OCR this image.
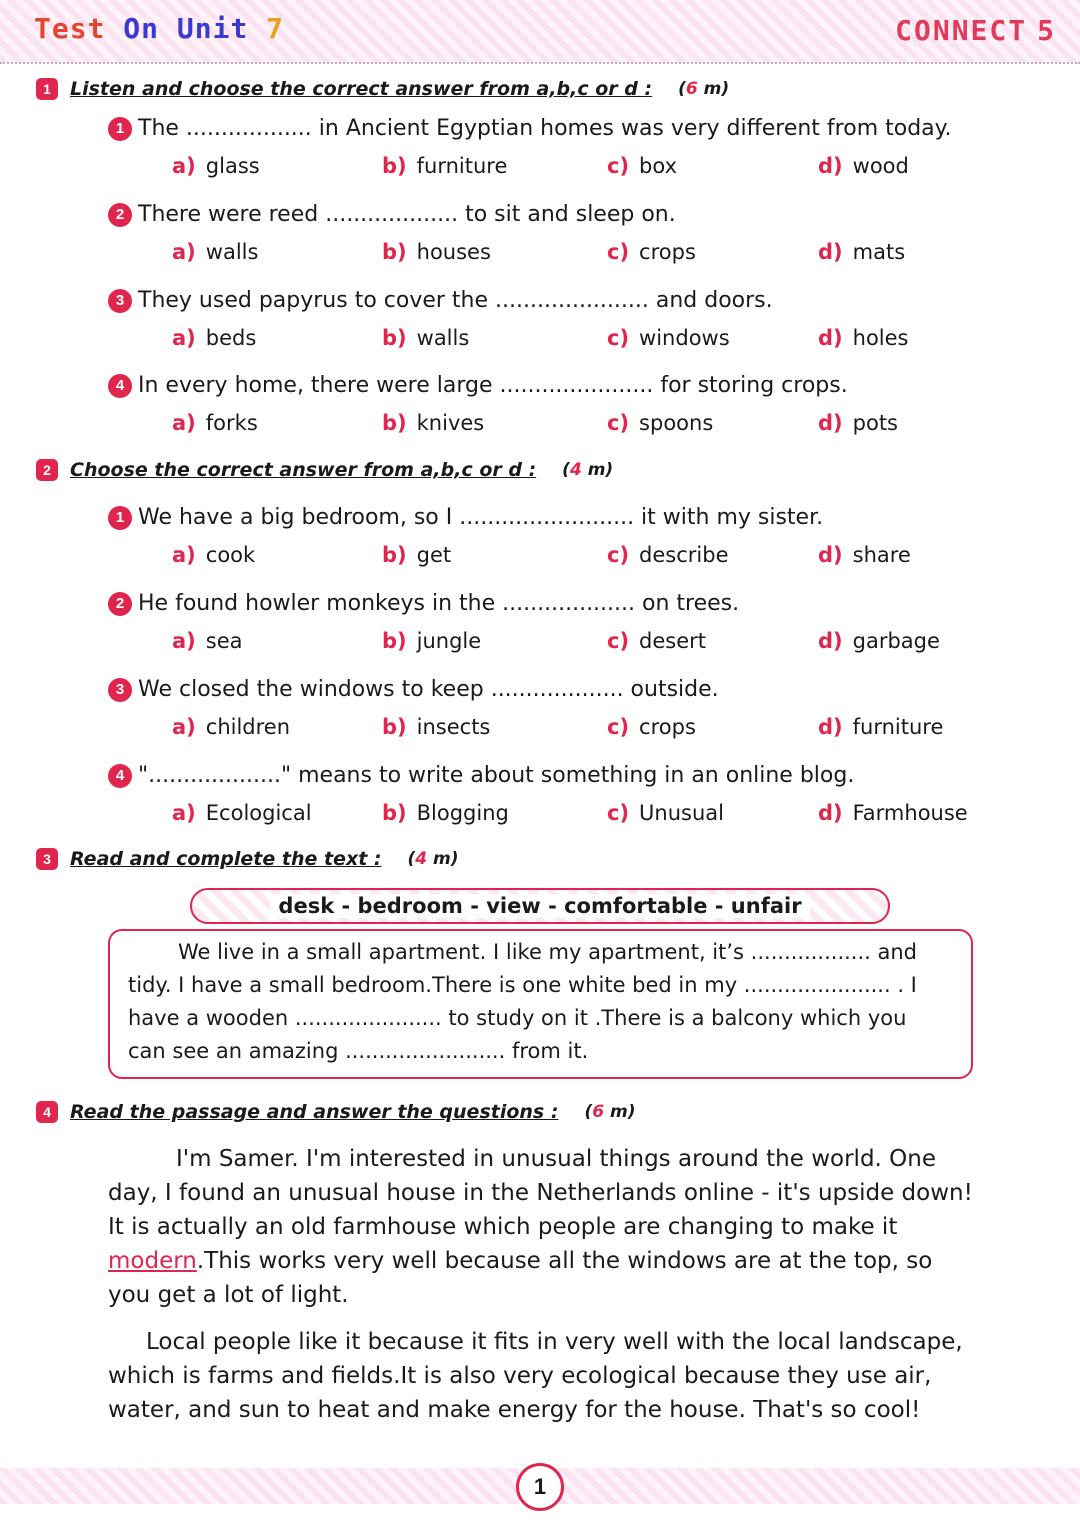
Test On Unit 7	CONNECT 5
1	Listen and choose the correct answer from a,b,c or d : (6 m)
1 The .................. in Ancient Egyptian homes was very different from today.
a) glass	b) furniture	c) box	d) wood
2 There were reed ................... to sit and sleep on.
a) walls	b) houses	c) crops	d) mats
3 They used papyrus to cover the ...................... and doors.
a) beds	b) walls	c) windows	d) holes
4 In every home, there were large ...................... for storing crops.
a) forks	b) knives	c) spoons	d) pots
2	Choose the correct answer from a,b,c or d : (4 m)
1 We have a big bedroom, so I ......................... it with my sister.
a) cook	b) get	c) describe	d) share
2 He found howler monkeys in the ................... on trees.
a) sea	b) jungle	c) desert	d) garbage
3 We closed the windows to keep ................... outside.
a) children	b) insects	c) crops	d) furniture
4 "..................." means to write about something in an online blog.
a) Ecological	b) Blogging	c) Unusual	d) Farmhouse
3	Read and complete the text : (4 m)
desk - bedroom - view - comfortable - unfair
We live in a small apartment. I like my apartment, it’s .................. and
tidy. I have a small bedroom.There is one white bed in my ...................... . I
have a wooden ...................... to study on it .There is a balcony which you
can see an amazing ........................ from it.
4	Read the passage and answer the questions : (6 m)
I'm Samer. I'm interested in unusual things around the world. One
day, I found an unusual house in the Netherlands online - it's upside down!
It is actually an old farmhouse which people are changing to make it
modern.This works very well because all the windows are at the top, so
you get a lot of light.
Local people like it because it fits in very well with the local landscape,
which is farms and fields.It is also very ecological because they use air,
water, and sun to heat and make energy for the house. That's so cool!
1
